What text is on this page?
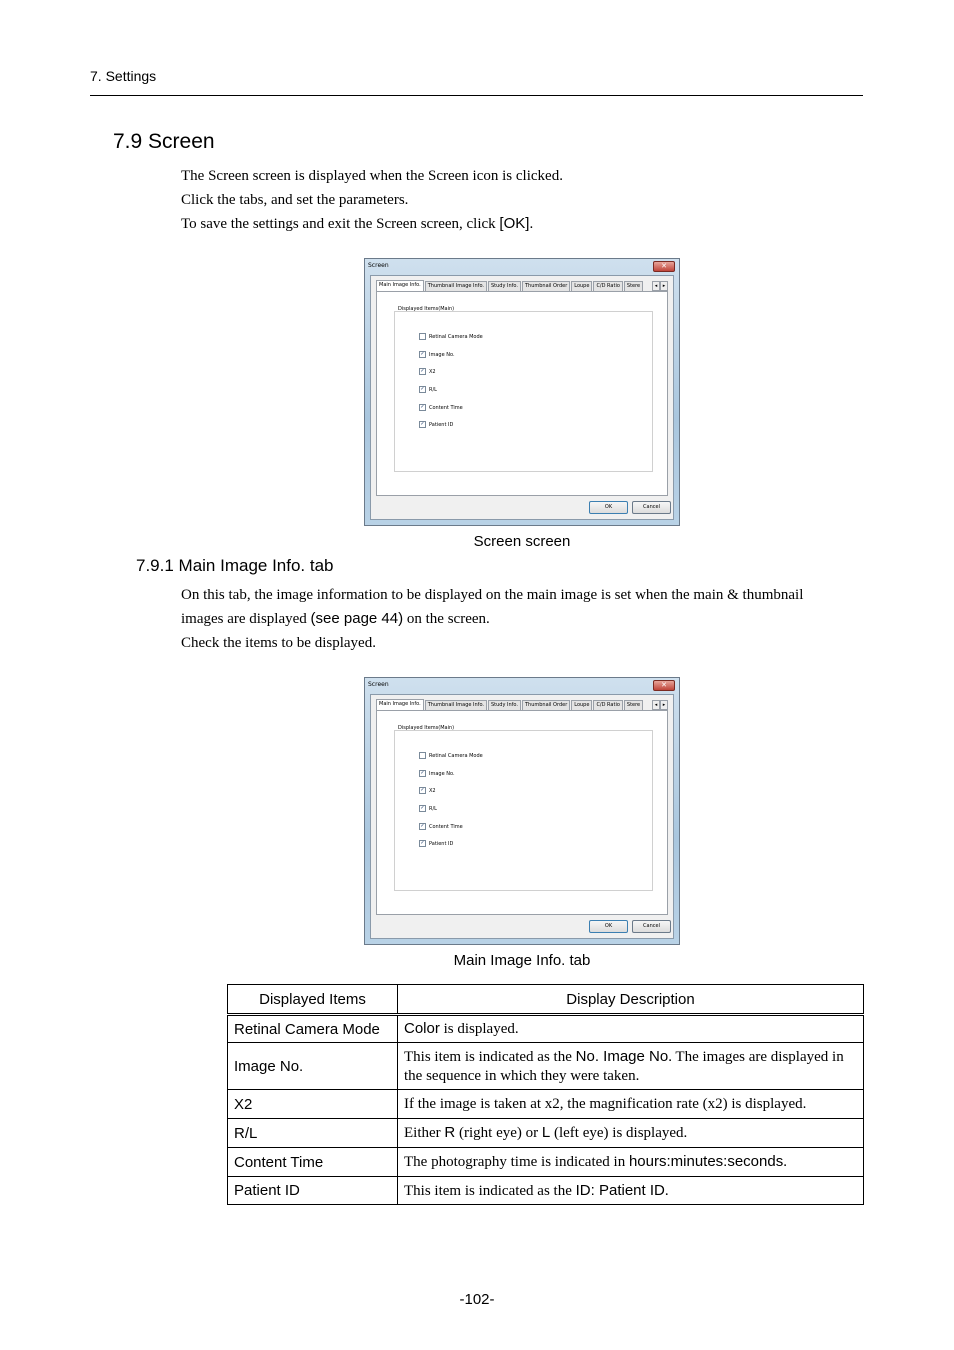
7. Settings
7.9 Screen

The Screen screen is displayed when the Screen icon is clicked.

Click the tabs, and set the parameters.

To save the settings and exit the Screen screen, click [OK].

Screen	✕
Main Image Info.	Thumbnail Image Info.	Study Info.	Thumbnail Order	Loupe	C/D Ratio	Stere	◂	▸
Displayed Items(Main)
Retinal Camera Mode
✓ Image No.
✓ X2
✓ R/L
✓ Content Time
✓ Patient ID
OK	Cancel
Screen screen
7.9.1 Main Image Info. tab

On this tab, the image information to be displayed on the main image is set when the main & thumbnail

images are displayed (see page 44) on the screen.

Check the items to be displayed.

Screen	✕
Main Image Info.	Thumbnail Image Info.	Study Info.	Thumbnail Order	Loupe	C/D Ratio	Stere	◂	▸
Displayed Items(Main)
Retinal Camera Mode
✓ Image No.
✓ X2
✓ R/L
✓ Content Time
✓ Patient ID
OK	Cancel
Main Image Info. tab
Displayed Items	Display Description
Retinal Camera Mode	Color is displayed.
Image No.	This item is indicated as the No. Image No. The images are displayed in the sequence in which they were taken.
X2	If the image is taken at x2, the magnification rate (x2) is displayed.
R/L	Either R (right eye) or L (left eye) is displayed.
Content Time	The photography time is indicated in hours:minutes:seconds.
Patient ID	This item is indicated as the ID: Patient ID.
-102-
